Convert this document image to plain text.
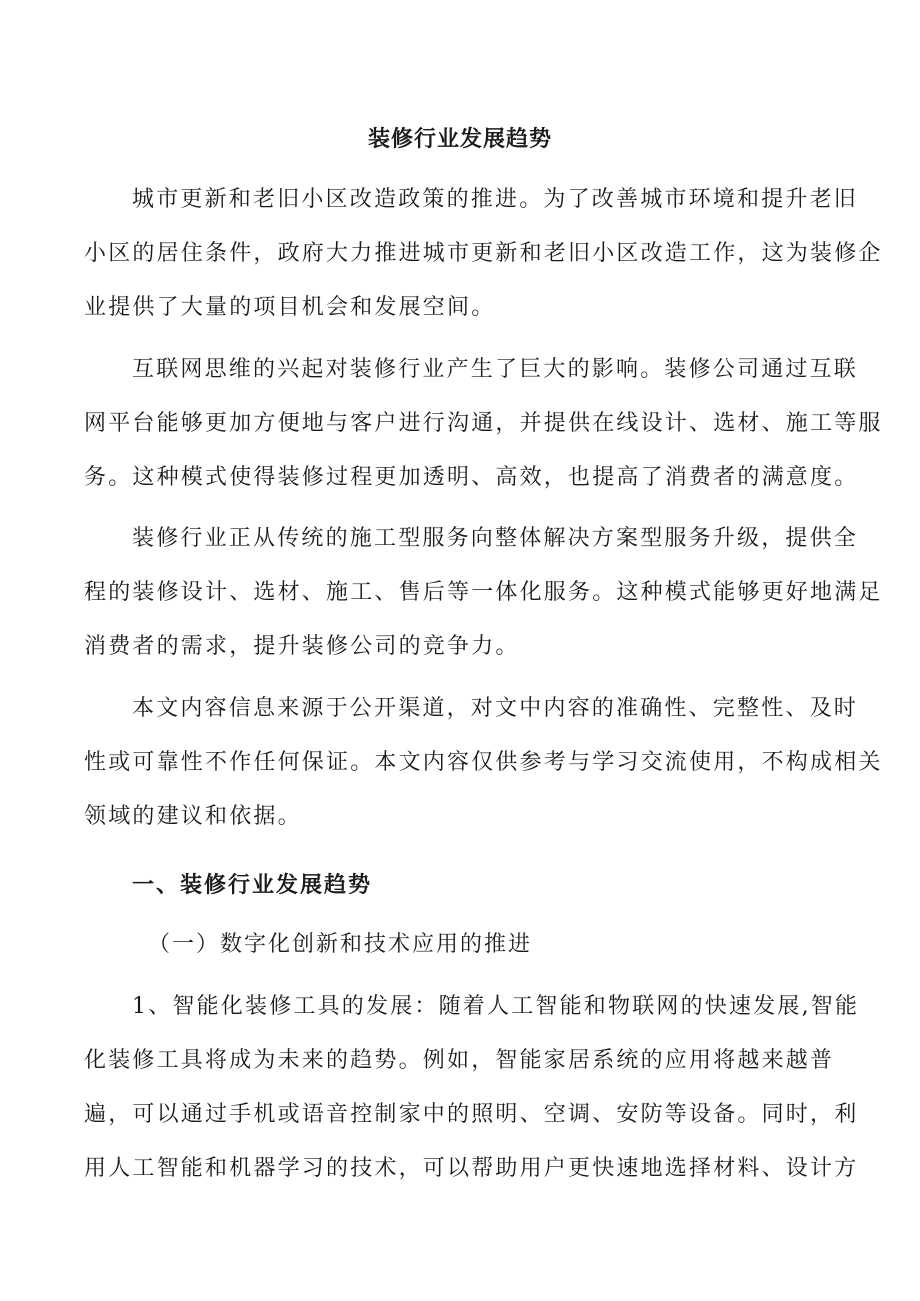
装修行业发展趋势
城市更新和老旧小区改造政策的推进。为了改善城市环境和提升老旧
小区的居住条件，政府大力推进城市更新和老旧小区改造工作，这为装修企
业提供了大量的项目机会和发展空间。
互联网思维的兴起对装修行业产生了巨大的影响。装修公司通过互联
网平台能够更加方便地与客户进行沟通，并提供在线设计、选材、施工等服
务。这种模式使得装修过程更加透明、高效，也提高了消费者的满意度。
装修行业正从传统的施工型服务向整体解决方案型服务升级，提供全
程的装修设计、选材、施工、售后等一体化服务。这种模式能够更好地满足
消费者的需求，提升装修公司的竞争力。
本文内容信息来源于公开渠道，对文中内容的准确性、完整性、及时
性或可靠性不作任何保证。本文内容仅供参考与学习交流使用，不构成相关
领域的建议和依据。
一、装修行业发展趋势
（一）数字化创新和技术应用的推进
1、智能化装修工具的发展：随着人工智能和物联网的快速发展,智能
化装修工具将成为未来的趋势。例如，智能家居系统的应用将越来越普
遍，可以通过手机或语音控制家中的照明、空调、安防等设备。同时，利
用人工智能和机器学习的技术，可以帮助用户更快速地选择材料、设计方
